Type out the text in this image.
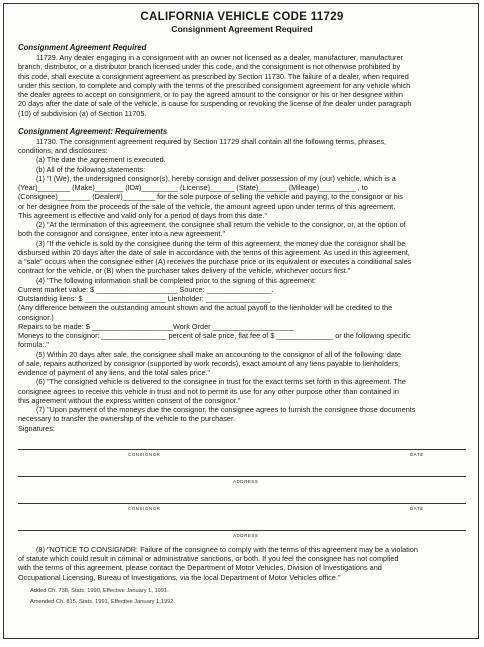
CALIFORNIA VEHICLE CODE 11729
Consignment Agreement Required
Consignment Agreement Required
11729. Any dealer engaging in a consignment with an owner not licensed as a dealer, manufacturer, manufacturer
branch, distributor, or a distributor branch licensed under this code, and the consignment is not otherwise prohibited by
this code, shall execute a consignment agreement as prescribed by Section 11730. The failure of a dealer, when required
under this section, to complete and comply with the terms of the prescribed consignment agreement for any vehicle which
the dealer agrees to accept on consignment, or to pay the agreed amount to the consignor or his or her designee within
20 days after the date of sale of the vehicle, is cause for suspending or revoking the license of the dealer under paragraph
(10) of subdivision (a) of Section 11705.
Consignment Agreement: Requirements
11730. The consignment agreement required by Section 11729 shall contain all the following terms, phrases,
conditions, and disclosures:
(a) The date the agreement is executed.
(b) All of the following statements:
(1) "I (We), the undersigned consignor(s), hereby consign and deliver possession of my (our) vehicle, which is a
(Year)________ (Make)_______ (ID#)_________ (License)______ (State)_______ (Mileage)_________ , to
(Consignee)________ (Dealer#)________ for the sole purpose of selling the vehicle and paying, to the consignor or his
or her designee from the proceeds of the sale of the vehicle, the amount agreed upon under terms of this agreement.
This agreement is effective and valid only for a period of days from this date."
(2) "At the termination of this agreement, the consignee shall return the vehicle to the consignor, or, at the option of
both the consignor and consignee, enter into a new agreement."
(3) "If the vehicle is sold by the consignee during the term of this agreement, the money due the consignor shall be
disbursed within 20 days after the date of sale in accordance with the terms of this agreement. As used in this agreement,
a "sale" occurs when the consignee either (A) receives the purchase price or its equivalent or executes a conditional sales
contract for the vehicle, or (B) when the purchaser takes delivery of the vehicle, whichever occurs first."
(4) "The following information shall be completed prior to the signing of this agreement:
Current market value: $ ____________________ Source: ________________.
Outstanding liens: $ ____________________ Lienholder: ________________
(Any difference between the outstanding amount shown and the actual payoff to the lienholder will be credited to the
consignor.)
Repairs to be made: $ ____________________Work Order ____________________
Moneys to the consignor: ________________ percent of sale price, flat fee of $ ______________ or the following specific
formula:."
(5) Within 20 days after sale, the consignee shall make an accounting to the consignor of all of the following: date
of sale, repairs authorized by consignor (supported by work records), exact amount of any liens payable to lienholders,
evidence of payment of any liens, and the total sales price."
(6) "The consigned vehicle is delivered to the consignee in trust for the exact terms set forth in this agreement. The
consignee agrees to receive this vehicle in trust and not to permit its use for any other purpose other than contained in
this agreement without the express written consent of the consignor."
(7) "Upon payment of the moneys due the consignor, the consignee agrees to furnish the consignee those documents
necessary to transfer the ownership of the vehicle to the purchaser.
Signatures:
CONSIGNOR	DATE
ADDRESS
CONSIGNOR	DATE
ADDRESS
(8) "NOTICE TO CONSIGNOR: Failure of the consignee to comply with the terms of this agreement may be a violation
of statute which could result in criminal or administrative sanctions, or both. If you feel the consignee has not complied
with the terms of this agreement, please contact the Department of Motor Vehicles, Division of Investigations and
Occupational Licensing, Bureau of Investigations, via the local Department of Motor Vehicles office."
Added Ch. 738, Stats. 1990, Effective January 1, 1991.
Amended Ch. 815, Stats. 1991, Effective January 1,1992.
